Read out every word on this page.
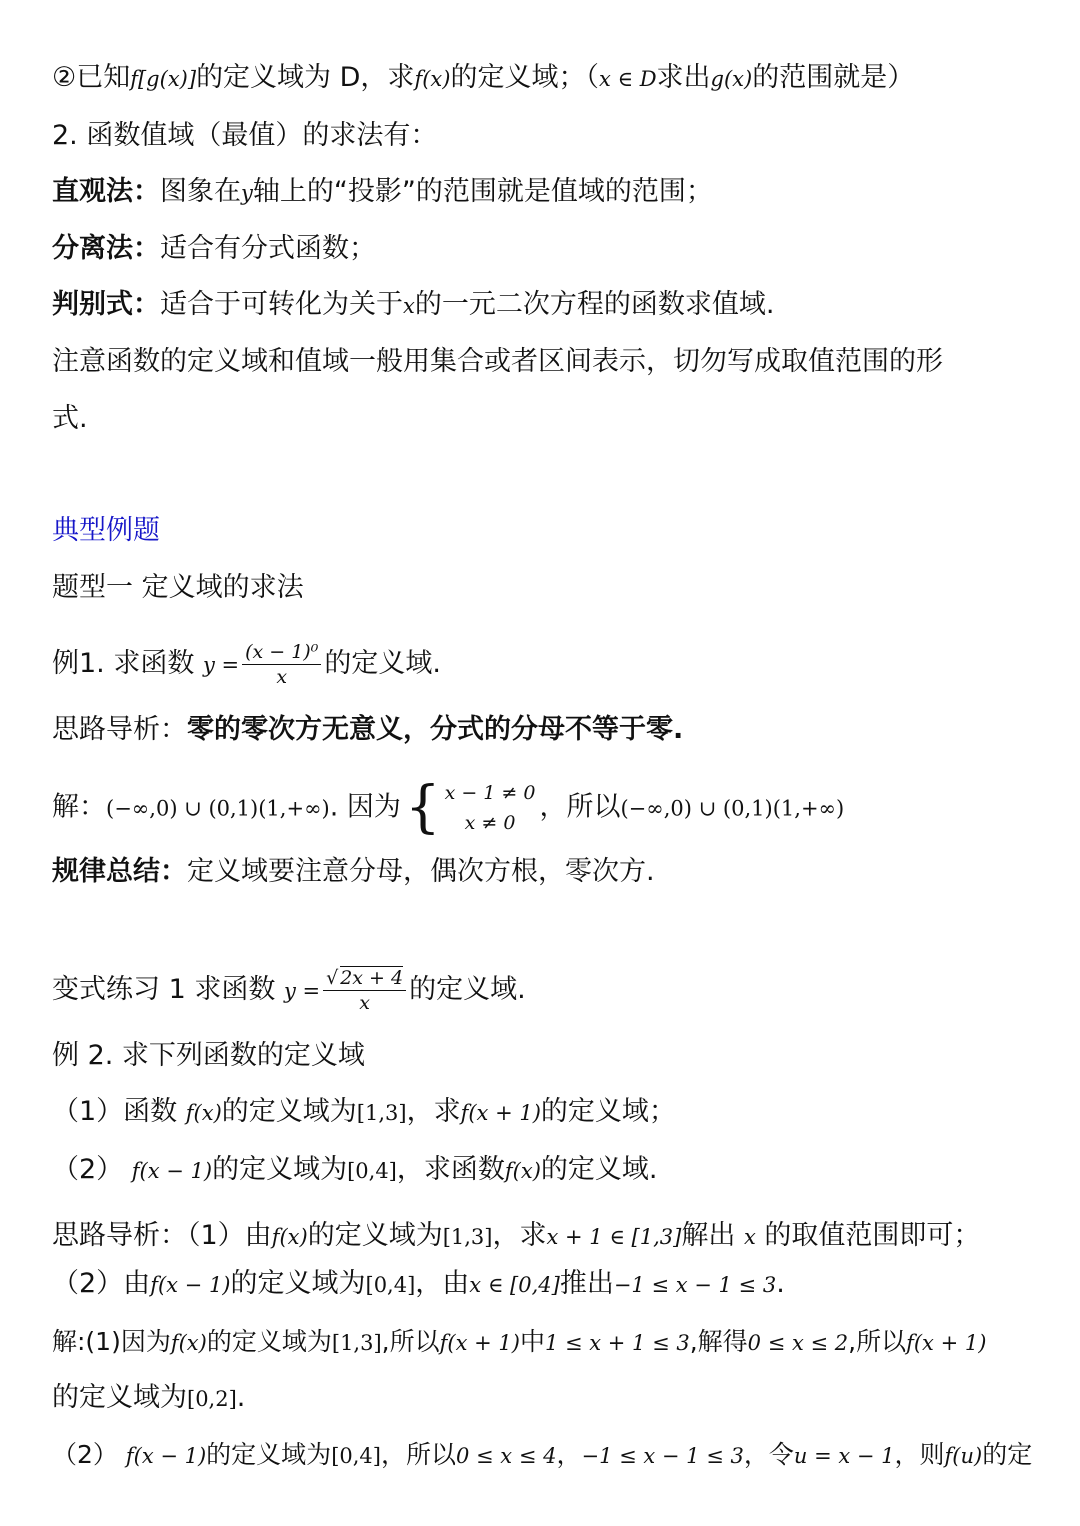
②已知f[g(x)]的定义域为 D，求f(x)的定义域；（x ∈ D求出g(x)的范围就是）
2. 函数值域（最值）的求法有：
直观法：图象在y轴上的“投影”的范围就是值域的范围；
分离法：适合有分式函数；
判别式：适合于可转化为关于x的一元二次方程的函数求值域.
注意函数的定义域和值域一般用集合或者区间表示，切勿写成取值范围的形
式.
典型例题
题型一 定义域的求法
例1. 求函数 $y = \frac{\text{(x − 1)⁰}}{x}$ 的定义域.
思路导析：零的零次方无意义，分式的分母不等于零.
解：(−∞,0) ∪ (0,1)(1,+∞). 因为 { x − 1 ≠ 0
x ≠ 0
，所以(−∞,0) ∪ (0,1)(1,+∞)
规律总结：定义域要注意分母，偶次方根，零次方.
变式练习 1 求函数 $y = \frac{√ 2x + 4}{x}$ 的定义域.
例 2. 求下列函数的定义域
（1）函数 f(x)的定义域为[1,3]，求f(x + 1)的定义域；
（2） f(x − 1)的定义域为[0,4]，求函数f(x)的定义域.
思路导析：（1）由f(x)的定义域为[1,3]，求x + 1 ∈ [1,3]解出 x 的取值范围即可；
（2）由f(x − 1)的定义域为[0,4]，由x ∈ [0,4]推出−1 ≤ x − 1 ≤ 3.
解:(1)因为f(x)的定义域为[1,3],所以f(x + 1)中1 ≤ x + 1 ≤ 3,解得0 ≤ x ≤ 2,所以f(x + 1)
的定义域为[0,2].
（2） f(x − 1)的定义域为[0,4]，所以0 ≤ x ≤ 4，−1 ≤ x − 1 ≤ 3，令u = x − 1，则f(u)的定
